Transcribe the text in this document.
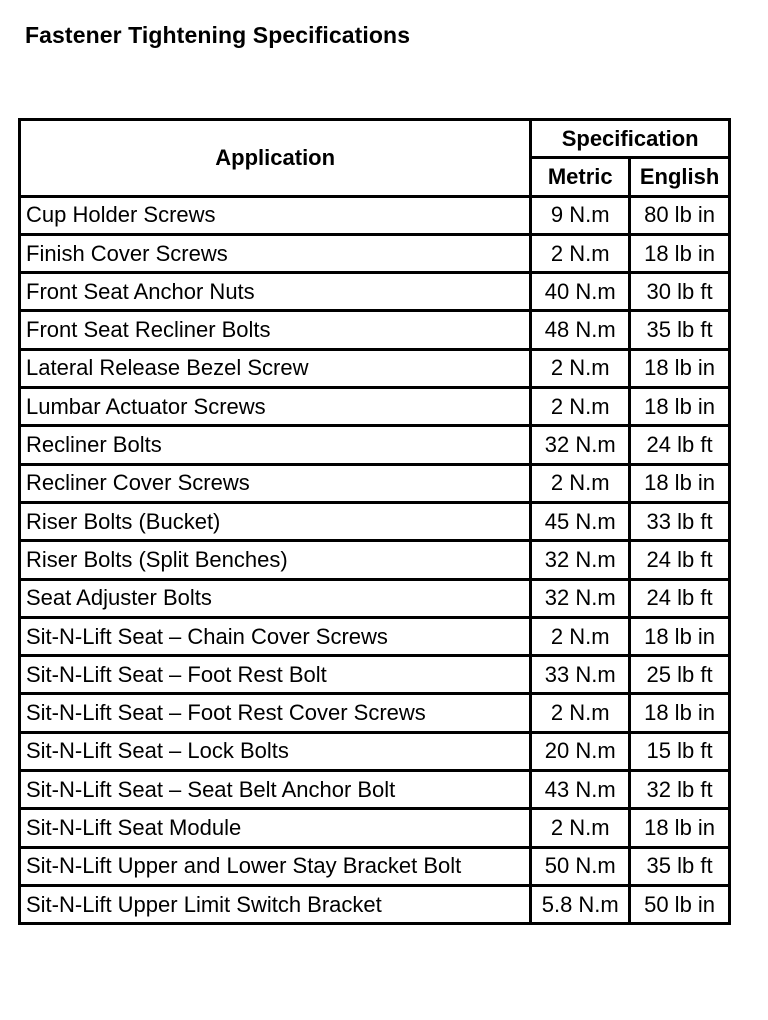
Fastener Tightening Specifications
Application	Specification	
	Metric	English
Cup Holder Screws	9 N.m	80 lb in
Finish Cover Screws	2 N.m	18 lb in
Front Seat Anchor Nuts	40 N.m	30 lb ft
Front Seat Recliner Bolts	48 N.m	35 lb ft
Lateral Release Bezel Screw	2 N.m	18 lb in
Lumbar Actuator Screws	2 N.m	18 lb in
Recliner Bolts	32 N.m	24 lb ft
Recliner Cover Screws	2 N.m	18 lb in
Riser Bolts (Bucket)	45 N.m	33 lb ft
Riser Bolts (Split Benches)	32 N.m	24 lb ft
Seat Adjuster Bolts	32 N.m	24 lb ft
Sit-N-Lift Seat – Chain Cover Screws	2 N.m	18 lb in
Sit-N-Lift Seat – Foot Rest Bolt	33 N.m	25 lb ft
Sit-N-Lift Seat – Foot Rest Cover Screws	2 N.m	18 lb in
Sit-N-Lift Seat – Lock Bolts	20 N.m	15 lb ft
Sit-N-Lift Seat – Seat Belt Anchor Bolt	43 N.m	32 lb ft
Sit-N-Lift Seat Module	2 N.m	18 lb in
Sit-N-Lift Upper and Lower Stay Bracket Bolt	50 N.m	35 lb ft
Sit-N-Lift Upper Limit Switch Bracket	5.8 N.m	50 lb in
